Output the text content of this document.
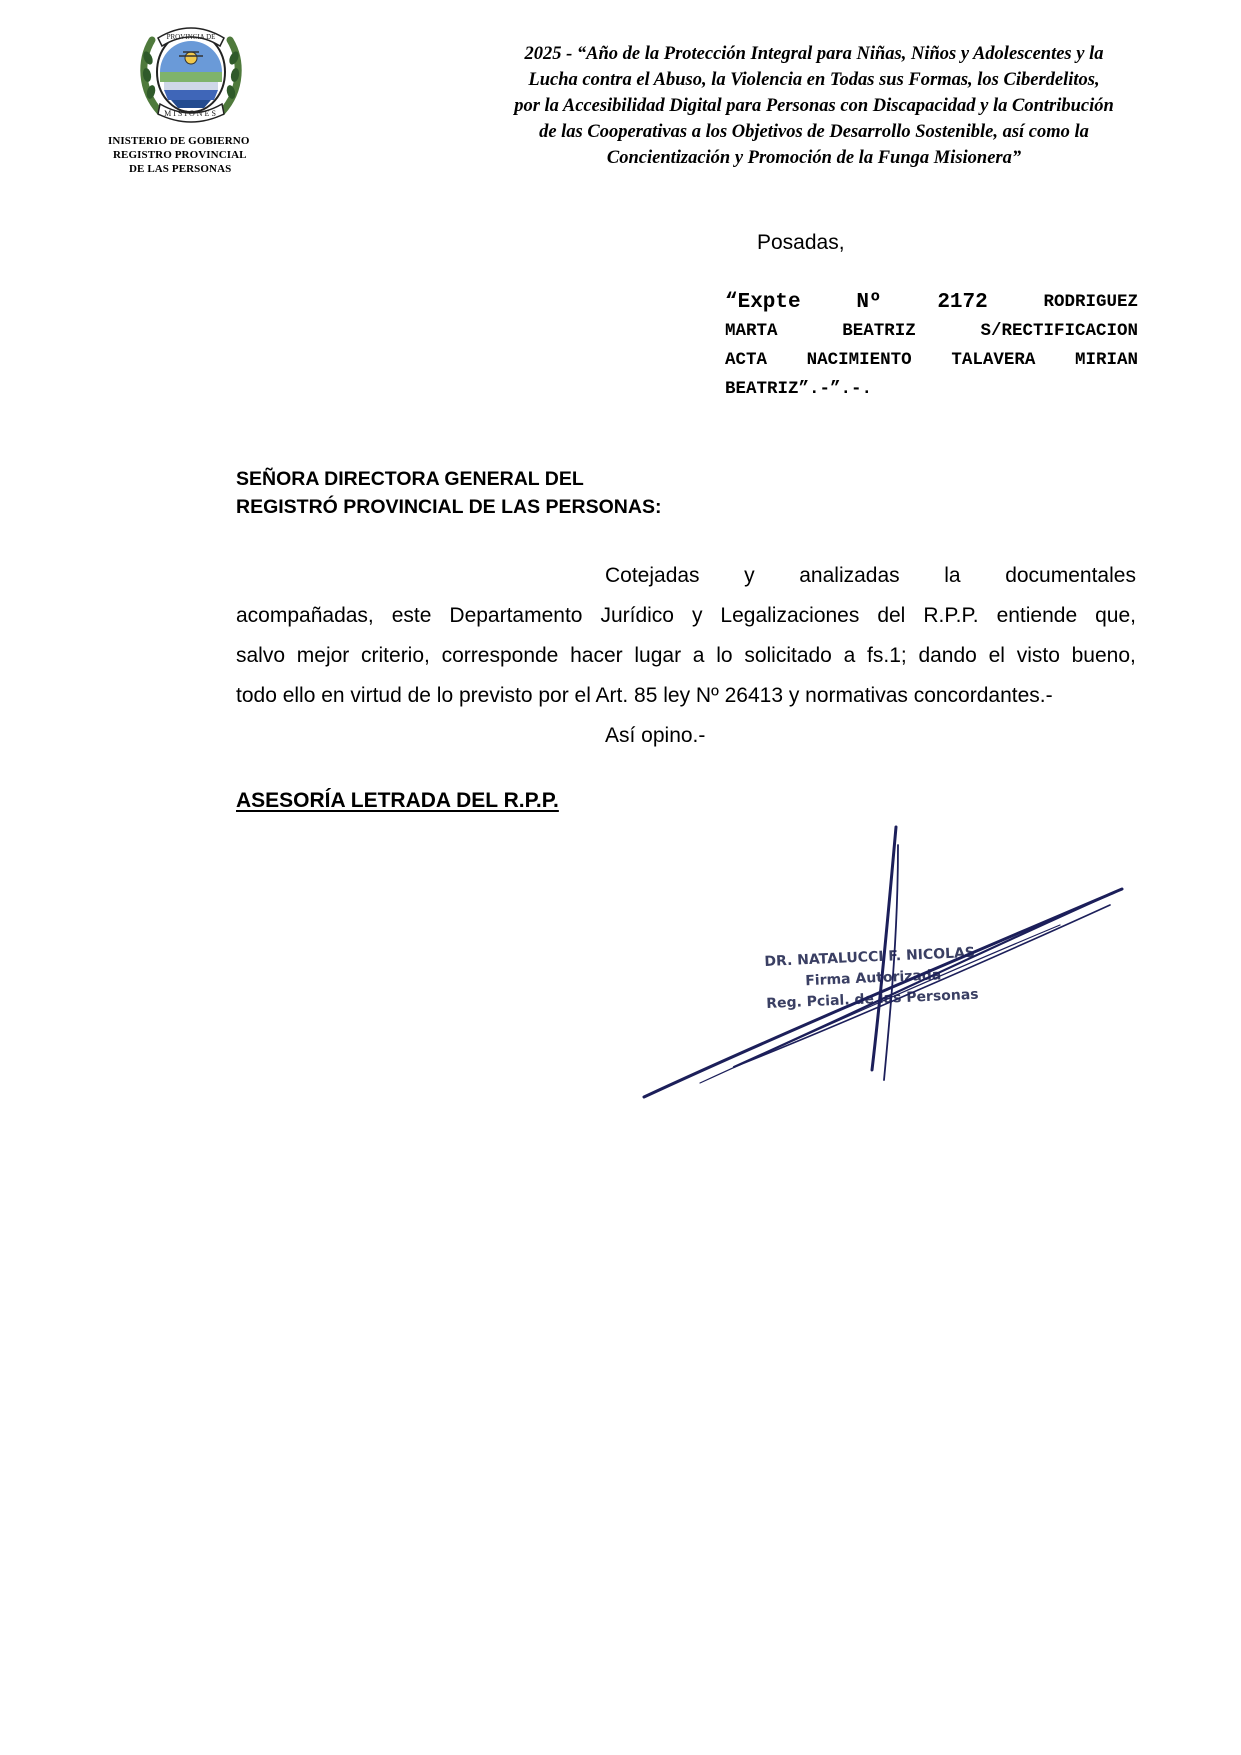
PROVINCIA DE
MISIONES
INISTERIO DE GOBIERNO
REGISTRO PROVINCIAL
DE LAS PERSONAS
2025 - “Año de la Protección Integral para Niñas, Niños y Adolescentes y la
Lucha contra el Abuso, la Violencia en Todas sus Formas, los Ciberdelitos,
por la Accesibilidad Digital para Personas con Discapacidad y la Contribución
de las Cooperativas a los Objetivos de Desarrollo Sostenible, así como la
Concientización y Promoción de la Funga Misionera”
Posadas,
“Expte	Nº	2172	RODRIGUEZ
MARTA	BEATRIZ	S/RECTIFICACION
ACTA NACIMIENTO TALAVERA MIRIAN
BEATRIZ”.-”.-.
SEÑORA DIRECTORA GENERAL DEL
REGISTRÓ PROVINCIAL DE LAS PERSONAS:
Cotejadas y analizadas la documentales
acompañadas, este Departamento Jurídico y Legalizaciones del R.P.P. entiende que,
salvo mejor criterio, corresponde hacer lugar a lo solicitado a fs.1; dando el visto bueno,
todo ello en virtud de lo previsto por el Art. 85 ley Nº 26413 y normativas concordantes.-
Así opino.-
ASESORÍA LETRADA DEL R.P.P.
DR. NATALUCCI F. NICOLAS
Firma Autorizada
Reg. Pcial. de las Personas
